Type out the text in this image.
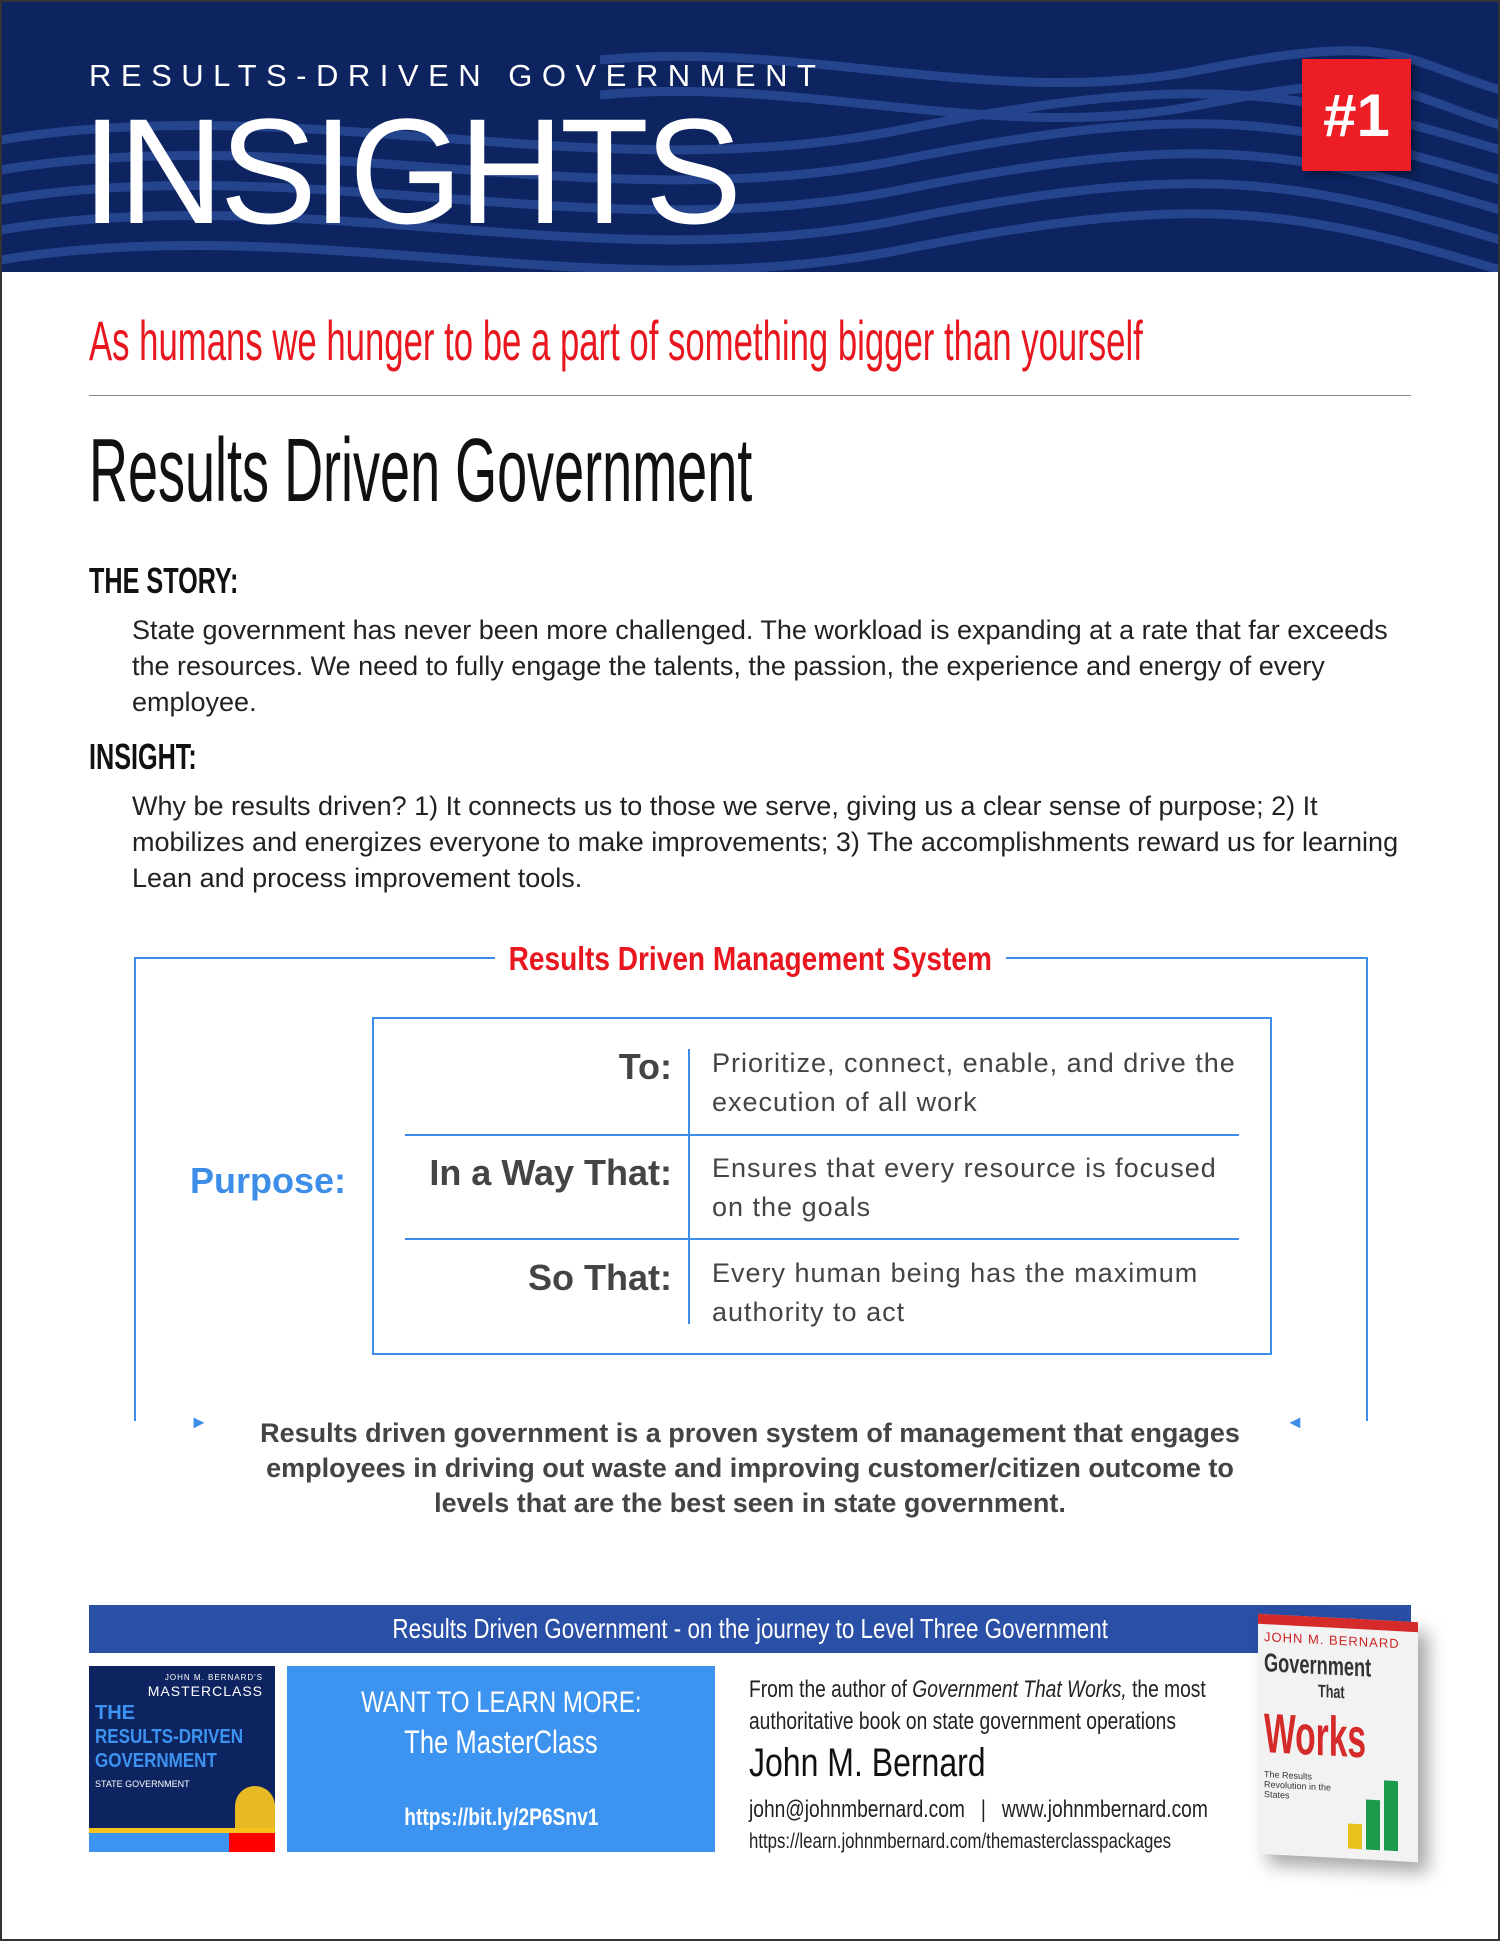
RESULTS-DRIVEN GOVERNMENT
INSIGHTS	#1
As humans we hunger to be a part of something bigger than yourself
Results Driven Government
THE STORY:
State government has never been more challenged. The workload is expanding at a rate that far exceeds the resources. We need to fully engage the talents, the passion, the experience and energy of every employee.
INSIGHT:
Why be results driven? 1) It connects us to those we serve, giving us a clear sense of purpose; 2) It mobilizes and energizes everyone to make improvements; 3) The accomplishments reward us for learning Lean and process improvement tools.
Results Driven Management System
►	◄
Purpose:
To: Prioritize, connect, enable, and drive the execution of all work
In a Way That: Ensures that every resource is focused on the goals
So That: Every human being has the maximum authority to act
Results driven government is a proven system of management that engages employees in driving out waste and improving customer/citizen outcome to levels that are the best seen in state government.
Results Driven Government - on the journey to Level Three Government
JOHN M. BERNARD'S
MASTERCLASS
THE
RESULTS-DRIVEN
GOVERNMENT
STATE GOVERNMENT
WANT TO LEARN MORE:
The MasterClass
https://bit.ly/2P6Snv1
From the author of Government That Works, the most
authoritative book on state government operations
John M. Bernard
john@johnmbernard.com | www.johnmbernard.com
https://learn.johnmbernard.com/themasterclasspackages
JOHN M. BERNARD
Government
That
Works
The Results Revolution in the States
